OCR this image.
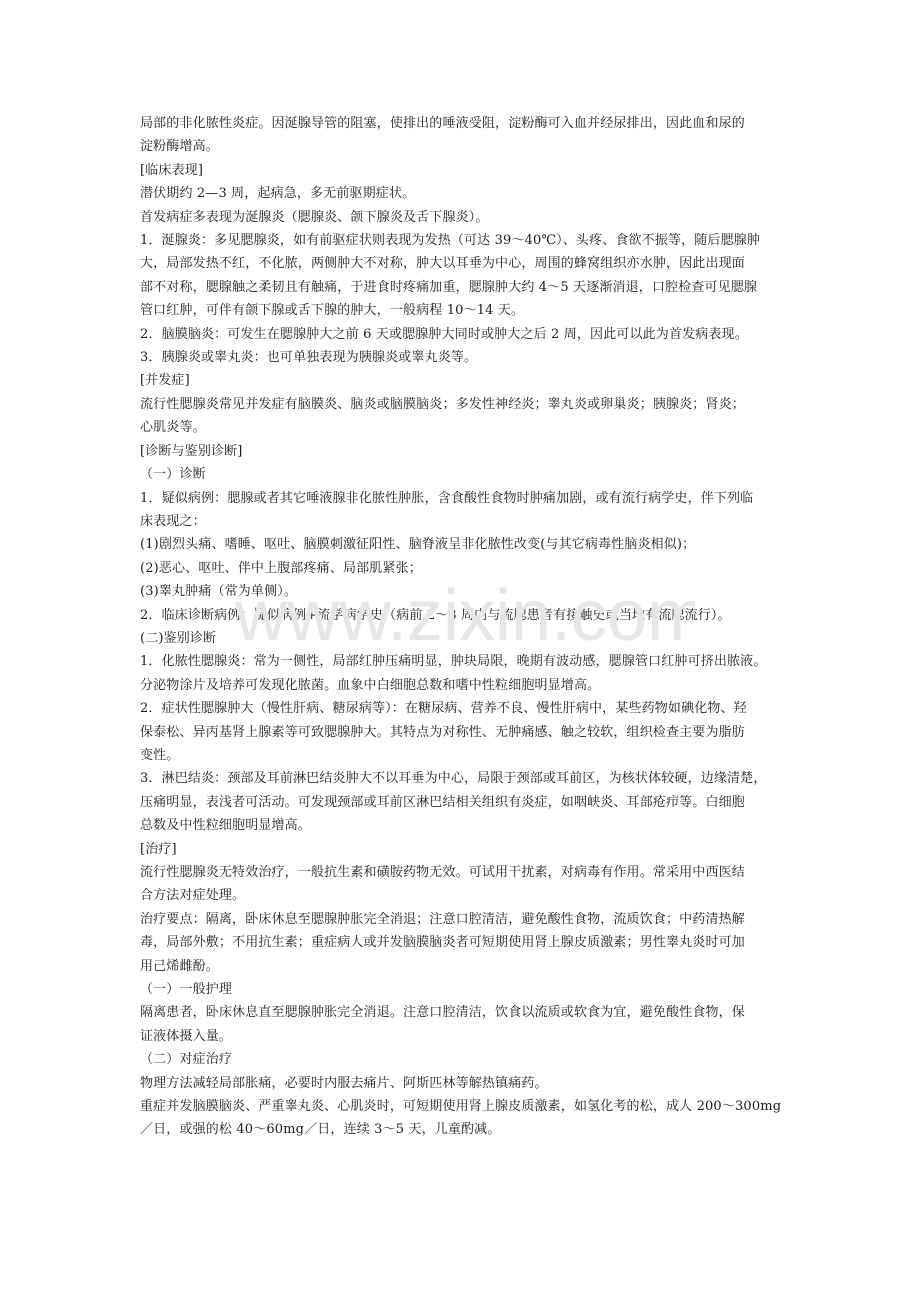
局部的非化脓性炎症。因涎腺导管的阻塞，使排出的唾液受阻，淀粉酶可入血并经尿排出，因此血和尿的
淀粉酶增高。
[临床表现]
潜伏期约 2—3 周，起病急，多无前驱期症状。
首发病症多表现为涎腺炎（腮腺炎、颌下腺炎及舌下腺炎）。
1．涎腺炎：多见腮腺炎，如有前驱症状则表现为发热（可达 39～40℃）、头疼、食欲不振等，随后腮腺肿
大，局部发热不红，不化脓，两侧肿大不对称，肿大以耳垂为中心，周围的蜂窝组织亦水肿，因此出现面
部不对称，腮腺触之柔韧且有触痛，于进食时疼痛加重，腮腺肿大约 4～5 天逐渐消退，口腔检查可见腮腺
管口红肿，可伴有颌下腺或舌下腺的肿大，一般病程 10～14 天。
2．脑膜脑炎：可发生在腮腺肿大之前 6 天或腮腺肿大同时或肿大之后 2 周，因此可以此为首发病表现。
3．胰腺炎或睾丸炎：也可单独表现为胰腺炎或睾丸炎等。
[并发症]
流行性腮腺炎常见并发症有脑膜炎、脑炎或脑膜脑炎；多发性神经炎；睾丸炎或卵巢炎；胰腺炎；肾炎；
心肌炎等。
[诊断与鉴别诊断]
（一）诊断
1．疑似病例：腮腺或者其它唾液腺非化脓性肿胀，含食酸性食物时肿痛加剧，或有流行病学史，伴下列临
床表现之：
(1)剧烈头痛、嗜睡、呕吐、脑膜刺激征阳性、脑脊液呈非化脓性改变(与其它病毒性脑炎相似)；
(2)恶心、呕吐、伴中上腹部疼痛、局部肌紧张；
(3)睾丸肿痛（常为单侧）。
2．临床诊断病例：疑似病例+流学病学史（病前 2～3 周内与流腮患者有接触史或当地有流腮流行）。
(二)鉴别诊断
1．化脓性腮腺炎：常为一侧性，局部红肿压痛明显，肿块局限，晚期有波动感，腮腺管口红肿可挤出脓液。
分泌物涂片及培养可发现化脓菌。血象中白细胞总数和嗜中性粒细胞明显增高。
2．症状性腮腺肿大（慢性肝病、糖尿病等）：在糖尿病、营养不良、慢性肝病中，某些药物如碘化物、羟
保泰松、异丙基肾上腺素等可致腮腺肿大。其特点为对称性、无肿痛感、触之较软，组织检查主要为脂肪
变性。
3．淋巴结炎：颈部及耳前淋巴结炎肿大不以耳垂为中心，局限于颈部或耳前区，为核状体较硬，边缘清楚，
压痛明显，表浅者可活动。可发现颈部或耳前区淋巴结相关组织有炎症，如咽峡炎、耳部疮疖等。白细胞
总数及中性粒细胞明显增高。
[治疗]
流行性腮腺炎无特效治疗，一般抗生素和磺胺药物无效。可试用干扰素，对病毒有作用。常采用中西医结
合方法对症处理。
治疗要点：隔离，卧床休息至腮腺肿胀完全消退；注意口腔清洁，避免酸性食物，流质饮食；中药清热解
毒，局部外敷；不用抗生素；重症病人或并发脑膜脑炎者可短期使用肾上腺皮质激素；男性睾丸炎时可加
用己烯雌酚。
（一）一般护理
隔离患者，卧床休息直至腮腺肿胀完全消退。注意口腔清洁，饮食以流质或软食为宜，避免酸性食物，保
证液体摄入量。
（二）对症治疗
物理方法减轻局部胀痛，必要时内服去痛片、阿斯匹林等解热镇痛药。
重症并发脑膜脑炎、严重睾丸炎、心肌炎时，可短期使用肾上腺皮质激素，如氢化考的松，成人 200～300mg
／日，或强的松 40～60mg／日，连续 3～5 天，儿童酌减。
www.zixin.com
